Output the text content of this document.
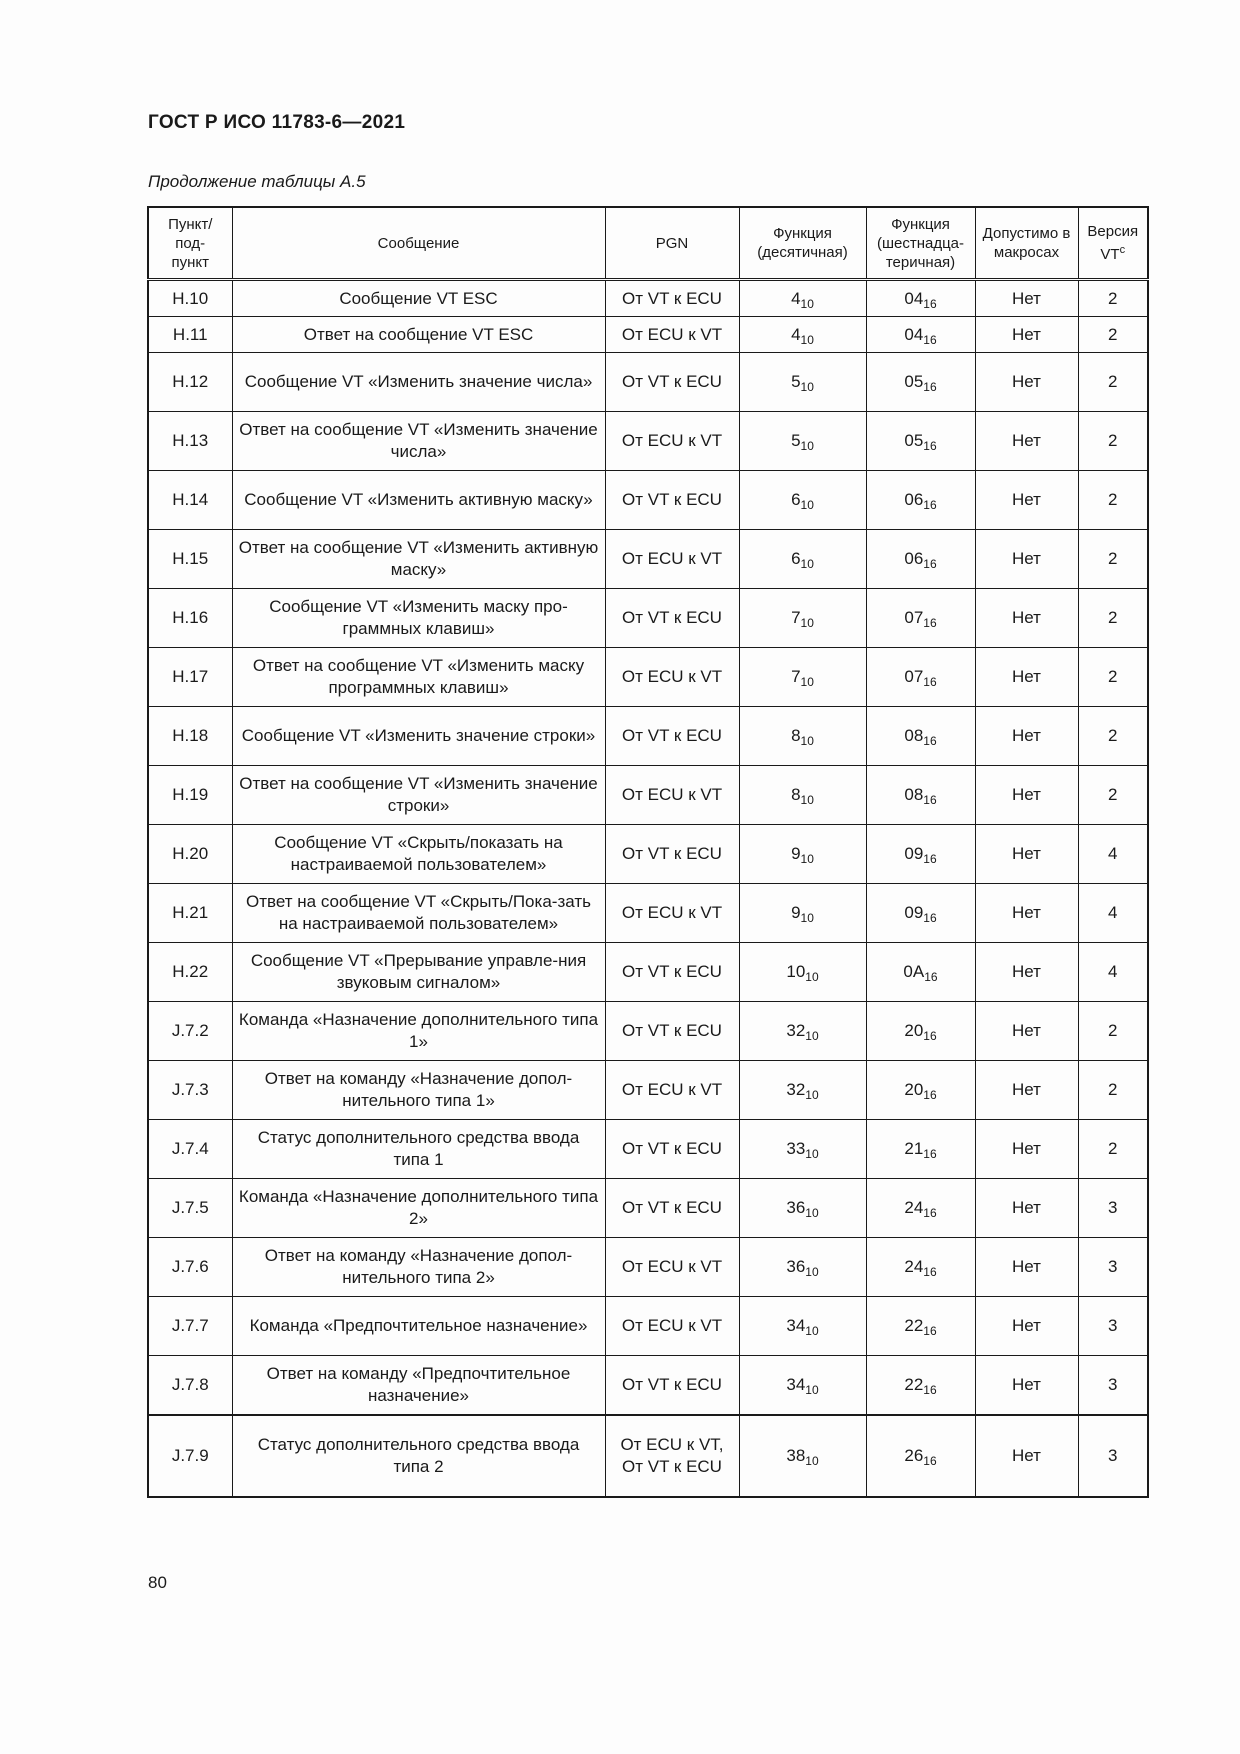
ГОСТ Р ИСО 11783-6—2021
Продолжение таблицы А.5
Пункт/ под- пункт	Сообщение	PGN	Функция (десятичная)	Функция (шестнадца- теричная)	Допустимо в макросах	Версия $VT^c$
H.10	Сообщение VT ESC	От VT к ECU	$4_{10}$	$04_{16}$	Нет	2
H.11	Ответ на сообщение VT ESC	От ECU к VT	$4_{10}$	$04_{16}$	Нет	2
H.12	Сообщение VT «Изменить значение числа»	От VT к ECU	$5_{10}$	$05_{16}$	Нет	2
H.13	Ответ на сообщение VT «Изменить значение числа»	От ECU к VT	$5_{10}$	$05_{16}$	Нет	2
H.14	Сообщение VT «Изменить активную маску»	От VT к ECU	$6_{10}$	$06_{16}$	Нет	2
H.15	Ответ на сообщение VT «Изменить активную маску»	От ECU к VT	$6_{10}$	$06_{16}$	Нет	2
H.16	Сообщение VT «Изменить маску про-граммных клавиш»	От VT к ECU	$7_{10}$	$07_{16}$	Нет	2
H.17	Ответ на сообщение VT «Изменить маску программных клавиш»	От ECU к VT	$7_{10}$	$07_{16}$	Нет	2
H.18	Сообщение VT «Изменить значение строки»	От VT к ECU	$8_{10}$	$08_{16}$	Нет	2
H.19	Ответ на сообщение VT «Изменить значение строки»	От ECU к VT	$8_{10}$	$08_{16}$	Нет	2
H.20	Сообщение VT «Скрыть/показать на настраиваемой пользователем»	От VT к ECU	$9_{10}$	$09_{16}$	Нет	4
H.21	Ответ на сообщение VT «Скрыть/Пока-зать на настраиваемой пользователем»	От ECU к VT	$9_{10}$	$09_{16}$	Нет	4
H.22	Сообщение VT «Прерывание управле-ния звуковым сигналом»	От VT к ECU	$10_{10}$	$0A_{16}$	Нет	4
J.7.2	Команда «Назначение дополнительного типа 1»	От VT к ECU	$32_{10}$	$20_{16}$	Нет	2
J.7.3	Ответ на команду «Назначение допол-нительного типа 1»	От ECU к VT	$32_{10}$	$20_{16}$	Нет	2
J.7.4	Статус дополнительного средства ввода типа 1	От VT к ECU	$33_{10}$	$21_{16}$	Нет	2
J.7.5	Команда «Назначение дополнительного типа 2»	От VT к ECU	$36_{10}$	$24_{16}$	Нет	3
J.7.6	Ответ на команду «Назначение допол-нительного типа 2»	От ECU к VT	$36_{10}$	$24_{16}$	Нет	3
J.7.7	Команда «Предпочтительное назначение»	От ECU к VT	$34_{10}$	$22_{16}$	Нет	3
J.7.8	Ответ на команду «Предпочтительное назначение»	От VT к ECU	$34_{10}$	$22_{16}$	Нет	3
J.7.9	Статус дополнительного средства ввода типа 2	От ECU к VT, От VT к ECU	$38_{10}$	$26_{16}$	Нет	3
80
